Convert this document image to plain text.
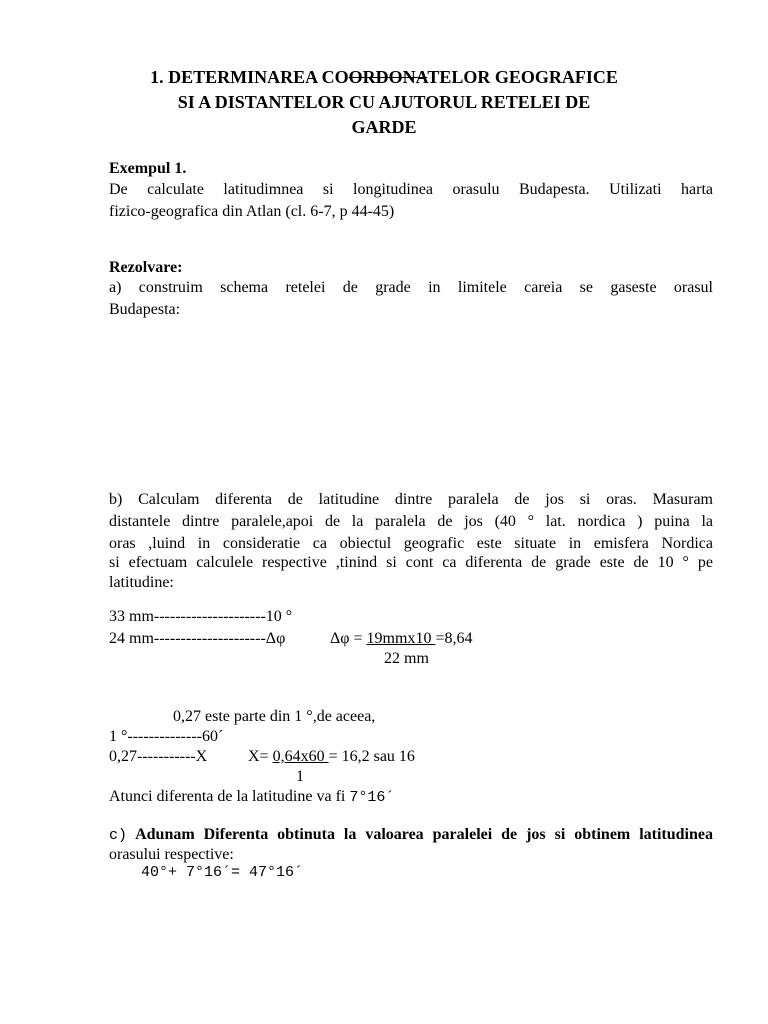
1. DETERMINAREA COORDONATELOR GEOGRAFICE
SI A DISTANTELOR CU AJUTORUL RETELEI DE
GARDE
Exempul 1.
De calculate latitudimnea si longitudinea orasulu Budapesta. Utilizati harta
fizico-geografica din Atlan (cl. 6-7, p 44-45)
Rezolvare:
a) construim schema retelei de grade in limitele careia se gaseste orasul
Budapesta:
b) Calculam diferenta de latitudine dintre paralela de jos si oras. Masuram
distantele dintre paralele,apoi de la paralela de jos (40 ° lat. nordica ) puina la
oras ,luind in consideratie ca obiectul geografic este situate in emisfera Nordica
si efectuam calculele respective ,tinind si cont ca diferenta de grade este de 10 ° pe
latitudine:
33 mm---------------------10 °
24 mm---------------------Δφ	Δφ = 19mmx10 =8,64
22 mm
0,27 este parte din 1 °,de aceea,
1 °--------------60´
0,27-----------X	X= 0,64x60 = 16,2 sau 16
1
Atunci diferenta de la latitudine va fi 7°16´
c) Adunam Diferenta obtinuta la valoarea paralelei de jos si obtinem latitudinea
orasului respective:
40°+ 7°16´= 47°16´
